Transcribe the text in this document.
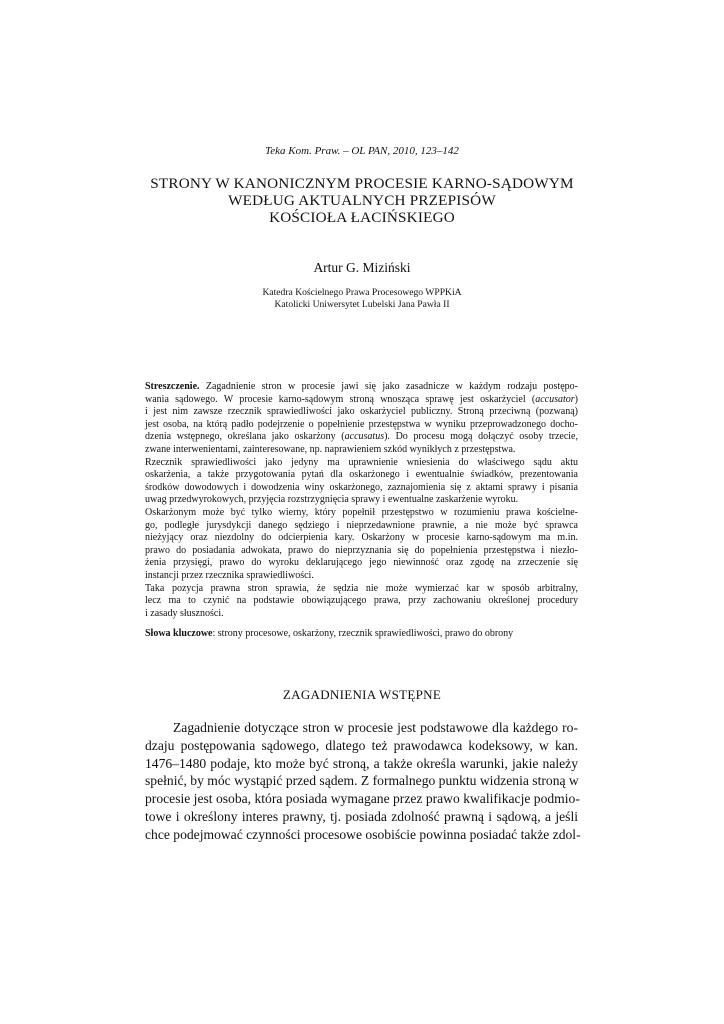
Teka Kom. Praw. – OL PAN, 2010, 123–142
STRONY W KANONICZNYM PROCESIE KARNO-SĄDOWYM
WEDŁUG AKTUALNYCH PRZEPISÓW
KOŚCIOŁA ŁACIŃSKIEGO
Artur G. Miziński
Katedra Kościelnego Prawa Procesowego WPPKiA
Katolicki Uniwersytet Lubelski Jana Pawła II
Streszczenie. Zagadnienie stron w procesie jawi się jako zasadnicze w każdym rodzaju postępo-
wania sądowego. W procesie karno-sądowym stroną wnosząca sprawę jest oskarżyciel (accusator)
i jest nim zawsze rzecznik sprawiedliwości jako oskarżyciel publiczny. Stroną przeciwną (pozwaną)
jest osoba, na którą padło podejrzenie o popełnienie przestępstwa w wyniku przeprowadzonego docho-
dzenia wstępnego, określana jako oskarżony (accusatus). Do procesu mogą dołączyć osoby trzecie,
zwane interwenientami, zainteresowane, np. naprawieniem szkód wynikłych z przestępstwa.
Rzecznik sprawiedliwości jako jedyny ma uprawnienie wniesienia do właściwego sądu aktu
oskarżenia, a także przygotowania pytań dla oskarżonego i ewentualnie świadków, prezentowania
środków dowodowych i dowodzenia winy oskarżonego, zaznajomienia się z aktami sprawy i pisania
uwag przedwyrokowych, przyjęcia rozstrzygnięcia sprawy i ewentualne zaskarżenie wyroku.
Oskarżonym może być tylko wierny, który popełnił przestępstwo w rozumieniu prawa kościelne-
go, podległe jurysdykcji danego sędziego i nieprzedawnione prawnie, a nie może być sprawca
nieżyjący oraz niezdolny do odcierpienia kary. Oskarżony w procesie karno-sądowym ma m.in.
prawo do posiadania adwokata, prawo do nieprzyznania się do popełnienia przestępstwa i niezło-
żenia przysięgi, prawo do wyroku deklarującego jego niewinność oraz zgodę na zrzeczenie się
instancji przez rzecznika sprawiedliwości.
Taka pozycja prawna stron sprawia, że sędzia nie może wymierzać kar w sposób arbitralny,
lecz ma to czynić na podstawie obowiązującego prawa, przy zachowaniu określonej procedury
i zasady słuszności.
Słowa kluczowe: strony procesowe, oskarżony, rzecznik sprawiedliwości, prawo do obrony
ZAGADNIENIA WSTĘPNE
Zagadnienie dotyczące stron w procesie jest podstawowe dla każdego ro-
dzaju postępowania sądowego, dlatego też prawodawca kodeksowy, w kan.
1476–1480 podaje, kto może być stroną, a także określa warunki, jakie należy
spełnić, by móc wystąpić przed sądem. Z formalnego punktu widzenia stroną w
procesie jest osoba, która posiada wymagane przez prawo kwalifikacje podmio-
towe i określony interes prawny, tj. posiada zdolność prawną i sądową, a jeśli
chce podejmować czynności procesowe osobiście powinna posiadać także zdol-
